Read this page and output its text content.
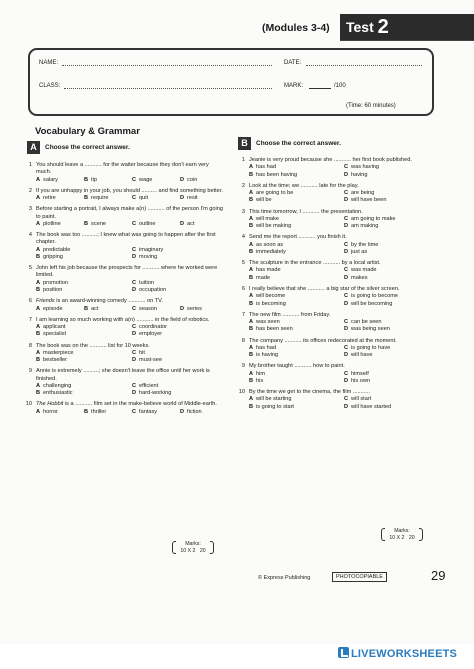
(Modules 3-4)	Test 2
NAME:	DATE:
CLASS:	MARK:	/100
(Time: 60 minutes)
Vocabulary & Grammar
A	Choose the correct answer.	B	Choose the correct answer.
1 You should leave a ........... for the waiter because they don't earn very much.
A salary	B tip	C wage	D coin
2 If you are unhappy in your job, you should .......... and find something better.
A retire	B require	C quit	D resit
3 Before starting a portrait, I always make a(n) ........... of the person I'm going to paint.
A plotline	B scene	C outline	D act
4 The book was too ..........; I knew what was going to happen after the first chapter.
A predictable	C imaginary
B gripping	D moving
5 John left his job because the prospects for ........... where he worked were limited.
A promotion	C tuition
B position	D occupation
6 Friends is an award-winning comedy ........... on TV.
A episode	B act	C season	D series
7 I am learning so much working with a(n) ........... in the field of robotics.
A applicant	C coordinator
B specialist	D employer
8 The book was on the ........... list for 10 weeks.
A masterpiece	C hit
B bestseller	D must-see
9 Annie is extremely ..........; she doesn't leave the office until her work is finished.
A challenging	C efficient
B enthusiastic	D hard-working
10 The Hobbit is a ........... film set in the make-believe world of Middle-earth.
A horror	B thriller	C fantasy	D fiction
1 Jeanie is very proud because she ........... her first book published.
A has had	C was having
B has been having	D having
2 Look at the time; we ........... late for the play.
A are going to be	C are being
B will be	D will have been
3 This time tomorrow, I ........... the presentation.
A will make	C am going to make
B will be making	D am making
4 Send me the report ........... you finish it.
A as soon as	C by the time
B immediately	D just as
5 The sculpture in the entrance ........... by a local artist.
A has made	C was made
B made	D makes
6 I really believe that she ........... a big star of the silver screen.
A will become	C is going to become
B is becoming	D will be becoming
7 The new film ........... from Friday.
A was seen	C can be seen
B has been seen	D was being seen
8 The company ........... its offices redecorated at the moment.
A has had	C is going to have
B is having	D will have
9 My brother taught ........... how to paint.
A him	C himself
B his	D his own
10 By the time we get to the cinema, the film ...........
A will be starting	C will start
B is going to start	D will have started
Marks:
10 X 2 20
Marks:
10 X 2 20
© Express Publishing	PHOTOCOPIABLE	29
LIVEWORKSHEETS
